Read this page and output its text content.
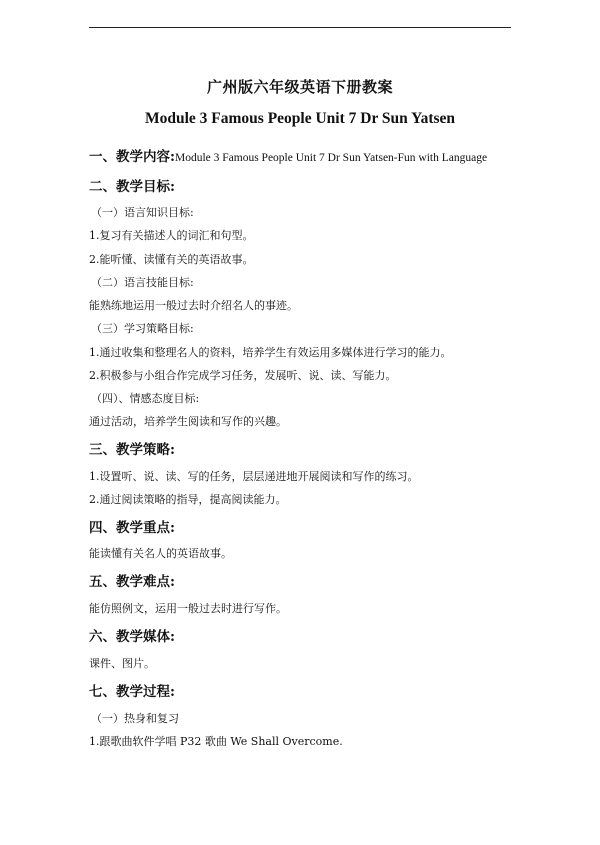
广州版六年级英语下册教案
Module 3 Famous People Unit 7 Dr Sun Yatsen
一、教学内容:Module 3 Famous People Unit 7 Dr Sun Yatsen-Fun with Language
二、教学目标:
（一）语言知识目标:
1.复习有关描述人的词汇和句型。
2.能听懂、读懂有关的英语故事。
（二）语言技能目标:
能熟练地运用一般过去时介绍名人的事迹。
（三）学习策略目标:
1.通过收集和整理名人的资料，培养学生有效运用多媒体进行学习的能力。
2.积极参与小组合作完成学习任务，发展听、说、读、写能力。
（四）、情感态度目标:
通过活动，培养学生阅读和写作的兴趣。
三、教学策略:
1.设置听、说、读、写的任务，层层递进地开展阅读和写作的练习。
2.通过阅读策略的指导，提高阅读能力。
四、教学重点:
能读懂有关名人的英语故事。
五、教学难点:
能仿照例文，运用一般过去时进行写作。
六、教学媒体:
课件、图片。
七、教学过程:
（一）热身和复习
1.跟歌曲软件学唱 P32 歌曲 We Shall Overcome.
